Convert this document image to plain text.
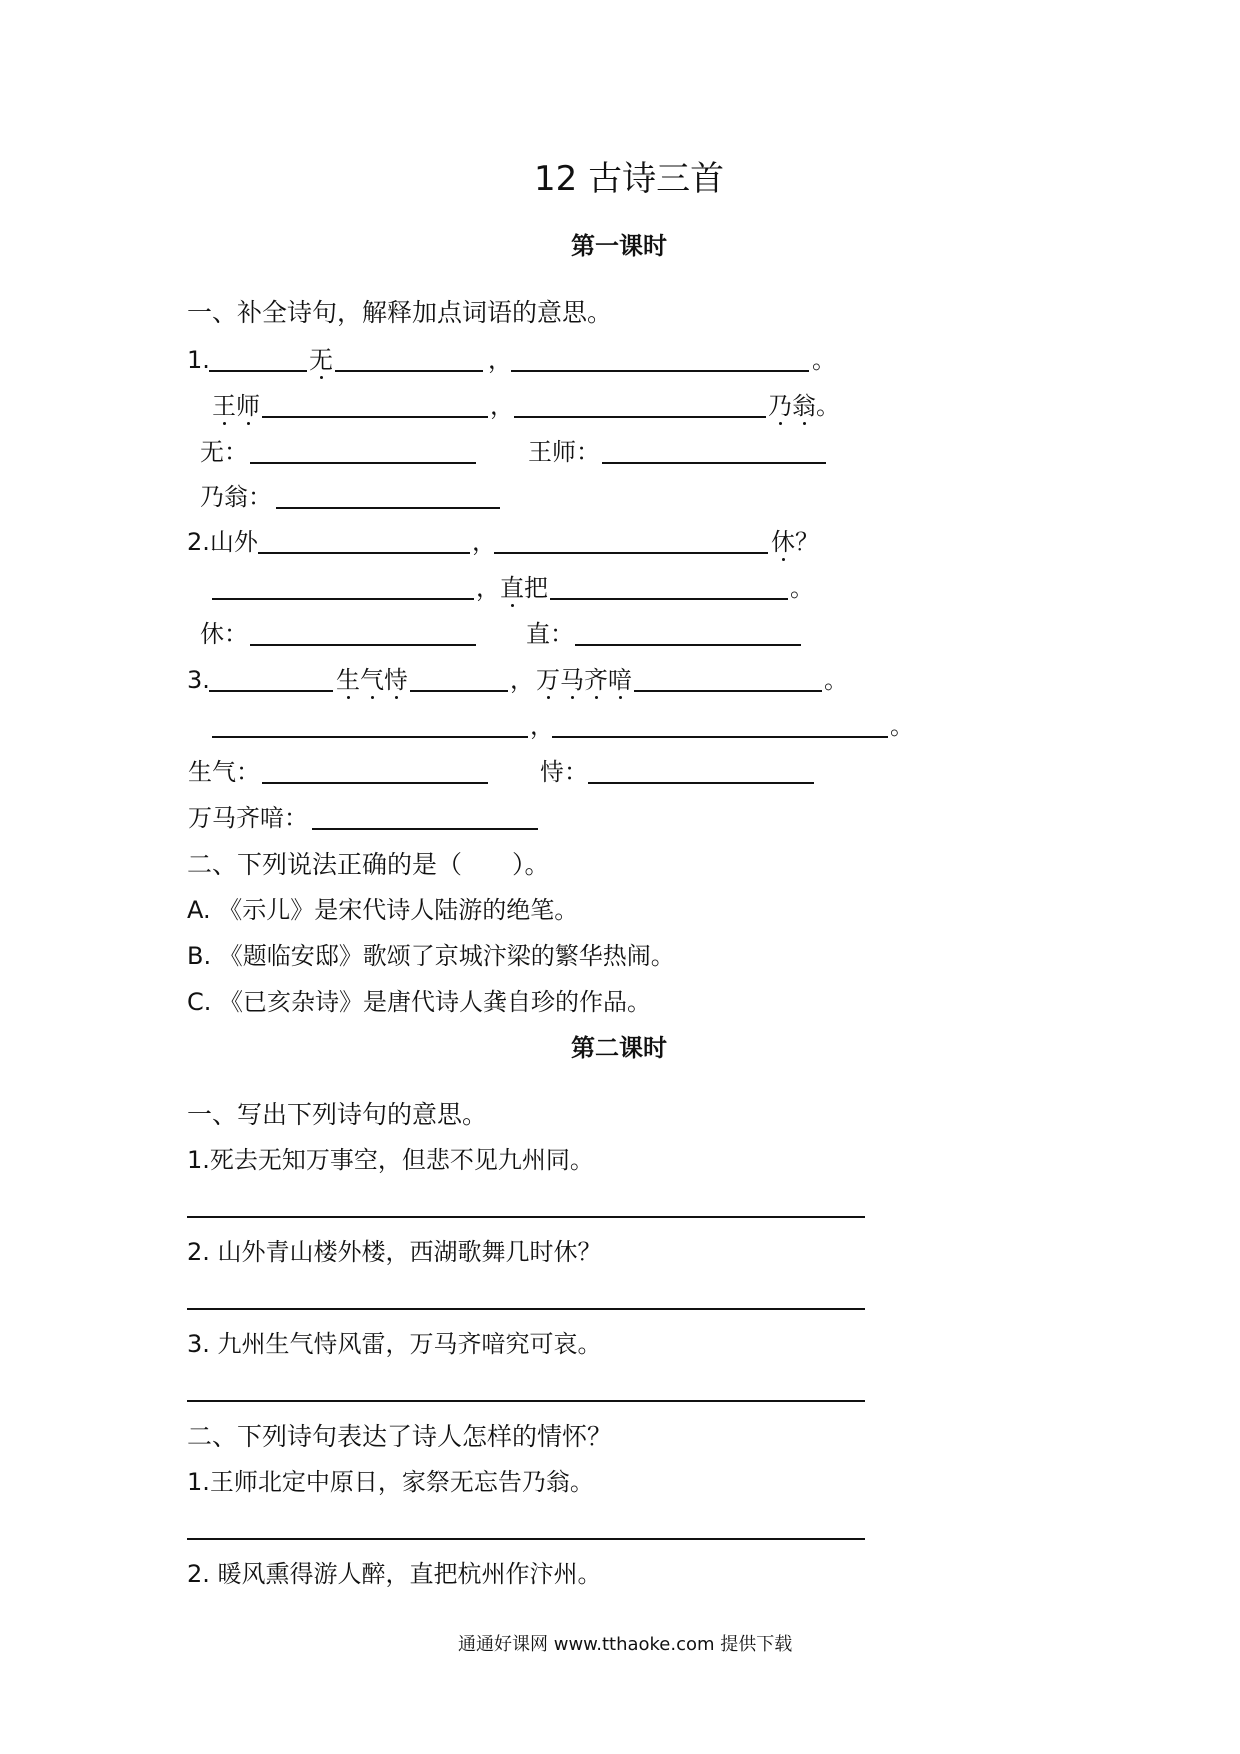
12 古诗三首
第一课时
一、补全诗句，解释加点词语的意思。
1.	无	，	。
王师	，	乃翁。
无：	王师：
乃翁：
2.山外	，	休？
， 直把	。
休：	直：
3.	生气恃	， 万马齐喑	。
，	。
生气：	恃：
万马齐喑：
二、下列说法正确的是（　　）。
A. 《示儿》是宋代诗人陆游的绝笔。
B. 《题临安邸》歌颂了京城汴梁的繁华热闹。
C. 《已亥杂诗》是唐代诗人龚自珍的作品。
第二课时
一、写出下列诗句的意思。
1.死去无知万事空，但悲不见九州同。
2. 山外青山楼外楼，西湖歌舞几时休？
3. 九州生气恃风雷，万马齐喑究可哀。
二、下列诗句表达了诗人怎样的情怀？
1.王师北定中原日，家祭无忘告乃翁。
2. 暖风熏得游人醉，直把杭州作汴州。
通通好课网 www.tthaoke.com 提供下载
